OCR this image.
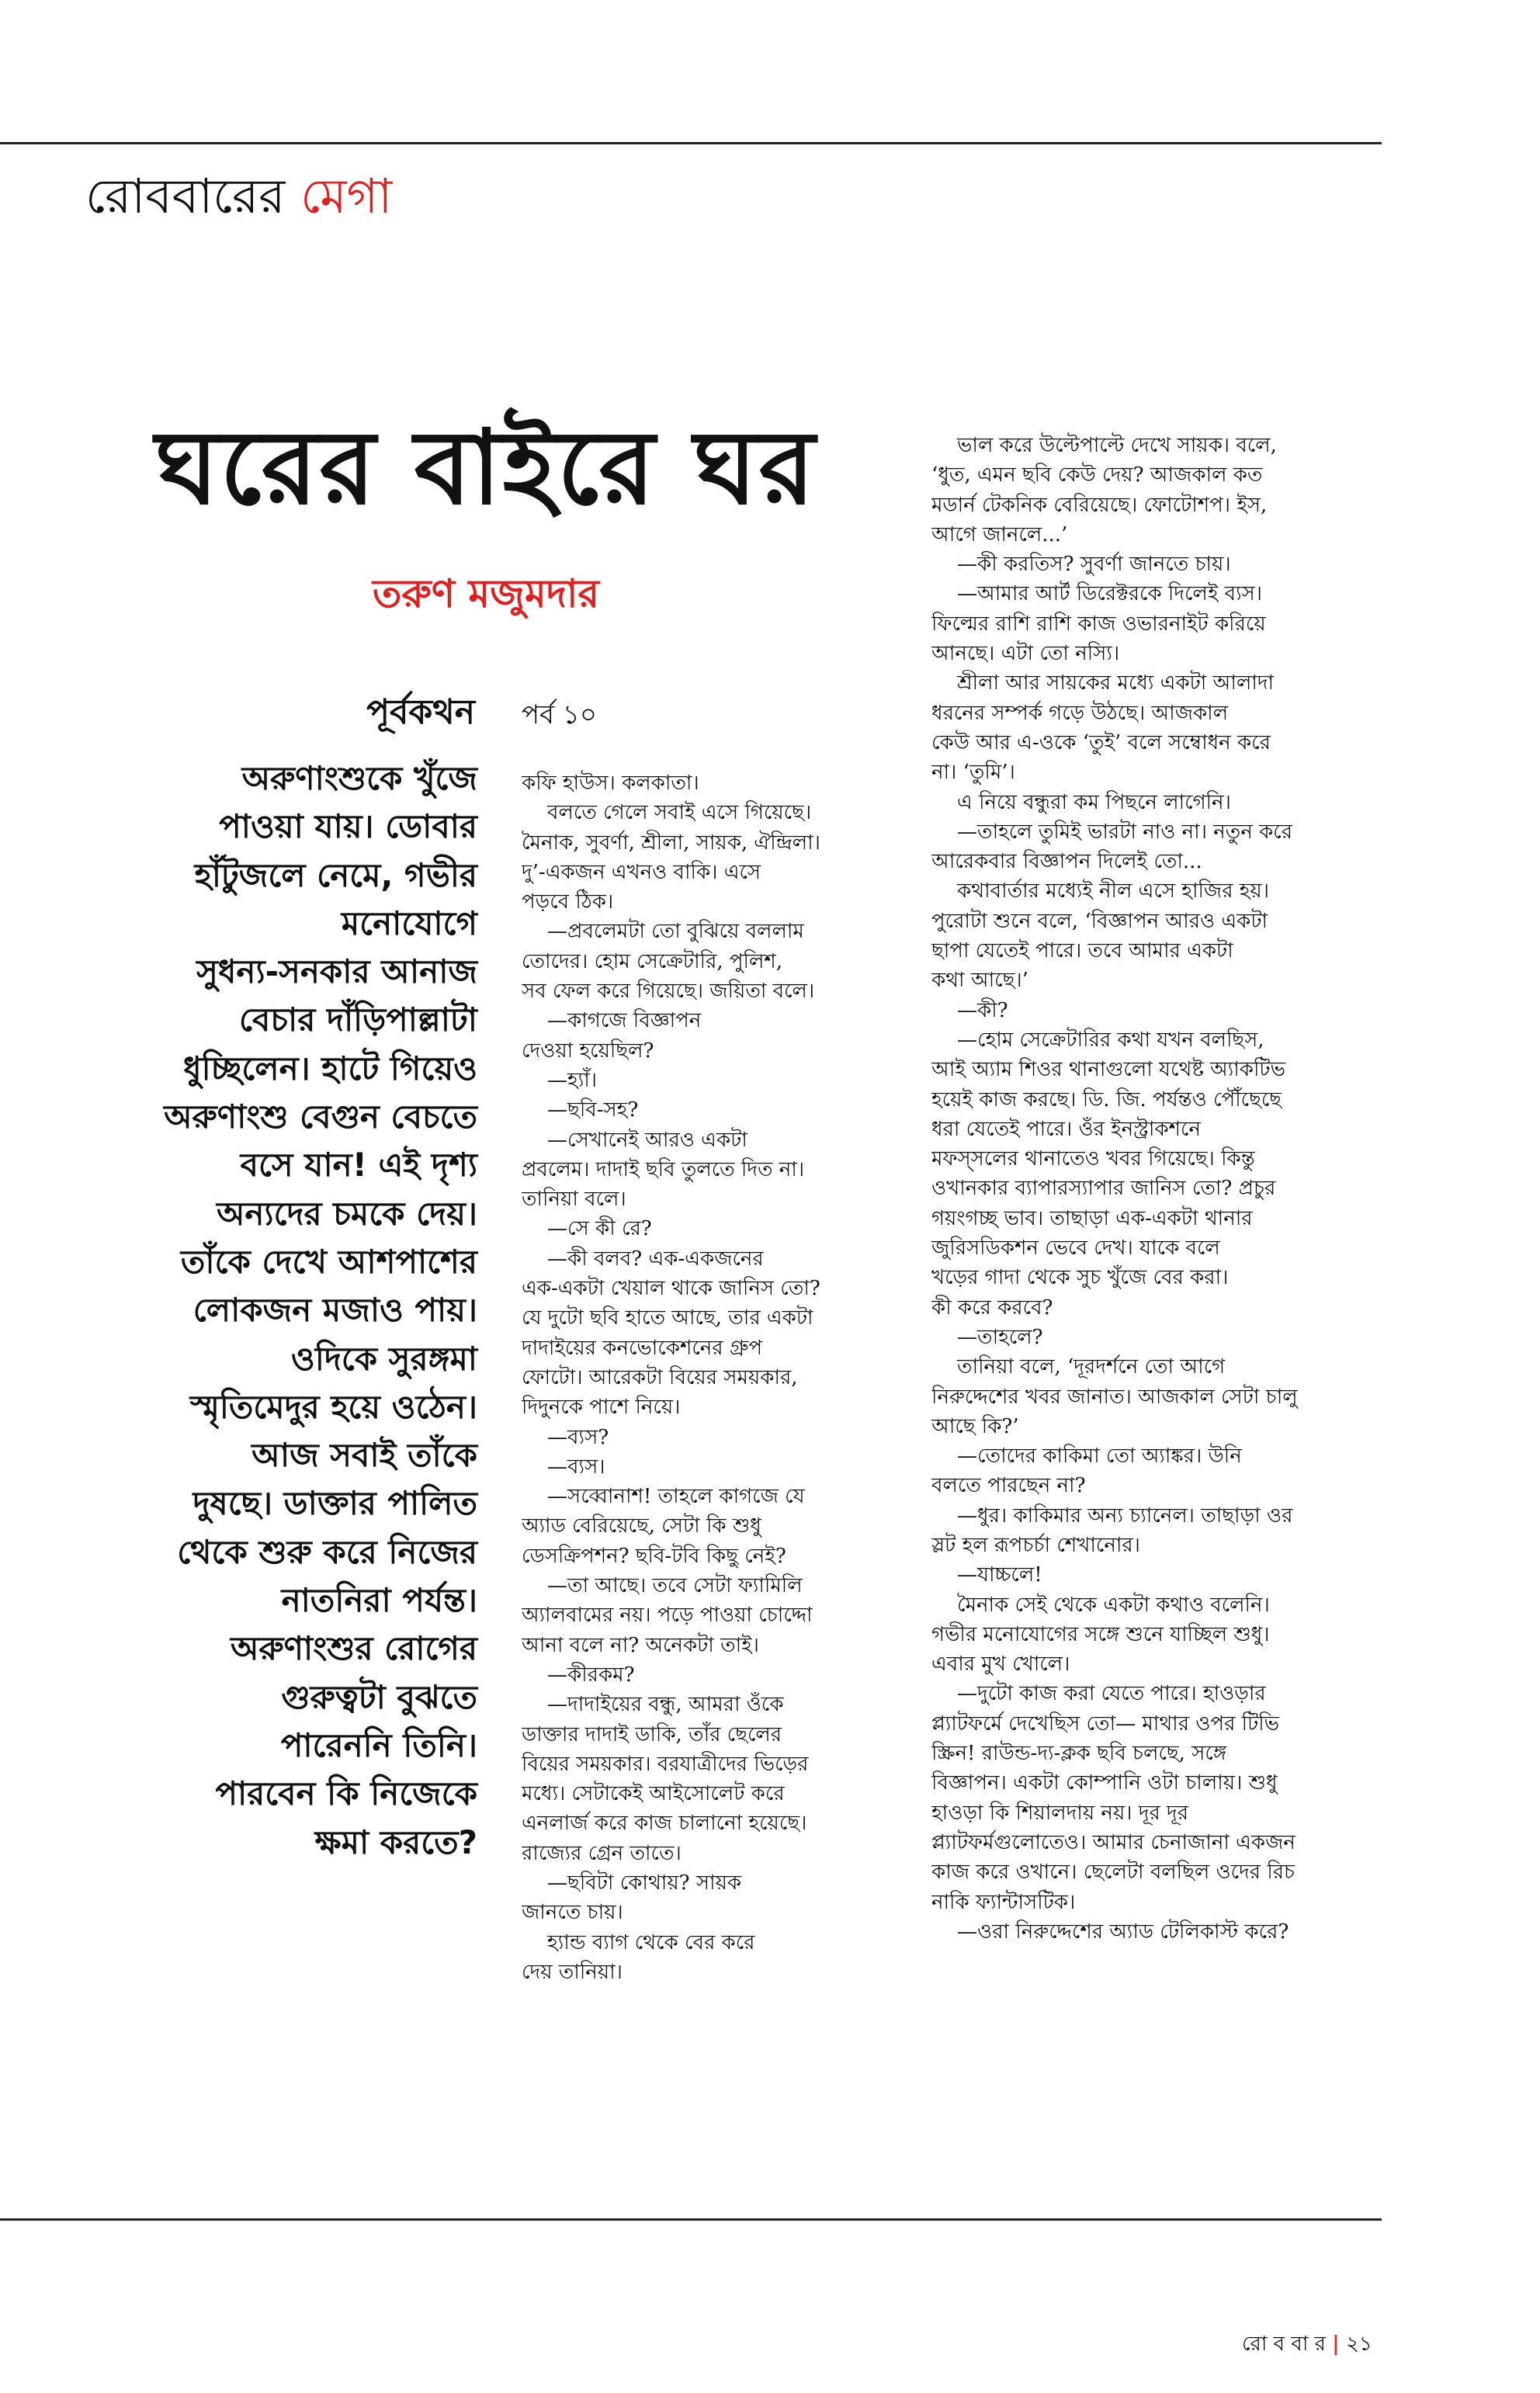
রোববারের মেগা
ঘরের বাইরে ঘর
তরুণ মজুমদার
পূর্বকথন পর্ব ১০
অরুণাংশুকে খুঁজে
পাওয়া যায়। ডোবার
হাঁটুজলে নেমে, গভীর
মনোযোগে
সুধন্য-সনকার আনাজ
বেচার দাঁড়িপাল্লাটা
ধুচ্ছিলেন। হাটে গিয়েও
অরুণাংশু বেগুন বেচতে
বসে যান! এই দৃশ্য
অন্যদের চমকে দেয়।
তাঁকে দেখে আশপাশের
লোকজন মজাও পায়।
ওদিকে সুরঙ্গমা
স্মৃতিমেদুর হয়ে ওঠেন।
আজ সবাই তাঁকে
দুষছে। ডাক্তার পালিত
থেকে শুরু করে নিজের
নাতনিরা পর্যন্ত।
অরুণাংশুর রোগের
গুরুত্বটা বুঝতে
পারেননি তিনি।
পারবেন কি নিজেকে
ক্ষমা করতে?
কফি হাউস। কলকাতা।
বলতে গেলে সবাই এসে গিয়েছে।
মৈনাক, সুবর্ণা, শ্রীলা, সায়ক, ঐন্দ্রিলা।
দু’-একজন এখনও বাকি। এসে
পড়বে ঠিক।
—প্রবলেমটা তো বুঝিয়ে বললাম
তোদের। হোম সেক্রেটারি, পুলিশ,
সব ফেল করে গিয়েছে। জয়িতা বলে।
—কাগজে বিজ্ঞাপন
দেওয়া হয়েছিল?
—হ্যাঁ।
—ছবি-সহ?
—সেখানেই আরও একটা
প্রবলেম। দাদাই ছবি তুলতে দিত না।
তানিয়া বলে।
—সে কী রে?
—কী বলব? এক-একজনের
এক-একটা খেয়াল থাকে জানিস তো?
যে দুটো ছবি হাতে আছে, তার একটা
দাদাইয়ের কনভোকেশনের গ্রুপ
ফোটো। আরেকটা বিয়ের সময়কার,
দিদুনকে পাশে নিয়ে।
—ব্যস?
—ব্যস।
—সব্বোনাশ! তাহলে কাগজে যে
অ্যাড বেরিয়েছে, সেটা কি শুধু
ডেসক্রিপশন? ছবি-টবি কিছু নেই?
—তা আছে। তবে সেটা ফ্যামিলি
অ্যালবামের নয়। পড়ে পাওয়া চোদ্দো
আনা বলে না? অনেকটা তাই।
—কীরকম?
—দাদাইয়ের বন্ধু, আমরা ওঁকে
ডাক্তার দাদাই ডাকি, তাঁর ছেলের
বিয়ের সময়কার। বরযাত্রীদের ভিড়ের
মধ্যে। সেটাকেই আইসোলেট করে
এনলার্জ করে কাজ চালানো হয়েছে।
রাজ্যের গ্রেন তাতে।
—ছবিটা কোথায়? সায়ক
জানতে চায়।
হ্যান্ড ব্যাগ থেকে বের করে
দেয় তানিয়া।
ভাল করে উল্টেপাল্টে দেখে সায়ক। বলে,
‘ধুত, এমন ছবি কেউ দেয়? আজকাল কত
মডার্ন টেকনিক বেরিয়েছে। ফোটোশপ। ইস,
আগে জানলে...’
—কী করতিস? সুবর্ণা জানতে চায়।
—আমার আর্ট ডিরেক্টরকে দিলেই ব্যস।
ফিল্মের রাশি রাশি কাজ ওভারনাইট করিয়ে
আনছে। এটা তো নস্যি।
শ্রীলা আর সায়কের মধ্যে একটা আলাদা
ধরনের সম্পর্ক গড়ে উঠছে। আজকাল
কেউ আর এ-ওকে ‘তুই’ বলে সম্বোধন করে
না। ‘তুমি’।
এ নিয়ে বন্ধুরা কম পিছনে লাগেনি।
—তাহলে তুমিই ভারটা নাও না। নতুন করে
আরেকবার বিজ্ঞাপন দিলেই তো...
কথাবার্তার মধ্যেই নীল এসে হাজির হয়।
পুরোটা শুনে বলে, ‘বিজ্ঞাপন আরও একটা
ছাপা যেতেই পারে। তবে আমার একটা
কথা আছে।’
—কী?
—হোম সেক্রেটারির কথা যখন বলছিস,
আই অ্যাম শিওর থানাগুলো যথেষ্ট অ্যাকটিভ
হয়েই কাজ করছে। ডি. জি. পর্যন্তও পৌঁছেছে
ধরা যেতেই পারে। ওঁর ইনস্ট্রাকশনে
মফস্‌সলের থানাতেও খবর গিয়েছে। কিন্তু
ওখানকার ব্যাপারস্যাপার জানিস তো? প্রচুর
গয়ংগচ্ছ ভাব। তাছাড়া এক-একটা থানার
জুরিসডিকশন ভেবে দেখ। যাকে বলে
খড়ের গাদা থেকে সুচ খুঁজে বের করা।
কী করে করবে?
—তাহলে?
তানিয়া বলে, ‘দূরদর্শনে তো আগে
নিরুদ্দেশের খবর জানাত। আজকাল সেটা চালু
আছে কি?’
—তোদের কাকিমা তো অ্যাঙ্কর। উনি
বলতে পারছেন না?
—ধুর। কাকিমার অন্য চ্যানেল। তাছাড়া ওর
স্লট হল রূপচর্চা শেখানোর।
—যাচ্চলে!
মৈনাক সেই থেকে একটা কথাও বলেনি।
গভীর মনোযোগের সঙ্গে শুনে যাচ্ছিল শুধু।
এবার মুখ খোলে।
—দুটো কাজ করা যেতে পারে। হাওড়ার
প্ল্যাটফর্মে দেখেছিস তো— মাথার ওপর টিভি
স্ক্রিন! রাউন্ড-দ্য-ক্লক ছবি চলছে, সঙ্গে
বিজ্ঞাপন। একটা কোম্পানি ওটা চালায়। শুধু
হাওড়া কি শিয়ালদায় নয়। দূর দূর
প্ল্যাটফর্মগুলোতেও। আমার চেনাজানা একজন
কাজ করে ওখানে। ছেলেটা বলছিল ওদের রিচ
নাকি ফ্যান্টাসটিক।
—ওরা নিরুদ্দেশের অ্যাড টেলিকাস্ট করে?
রো ব বা র | ২১
